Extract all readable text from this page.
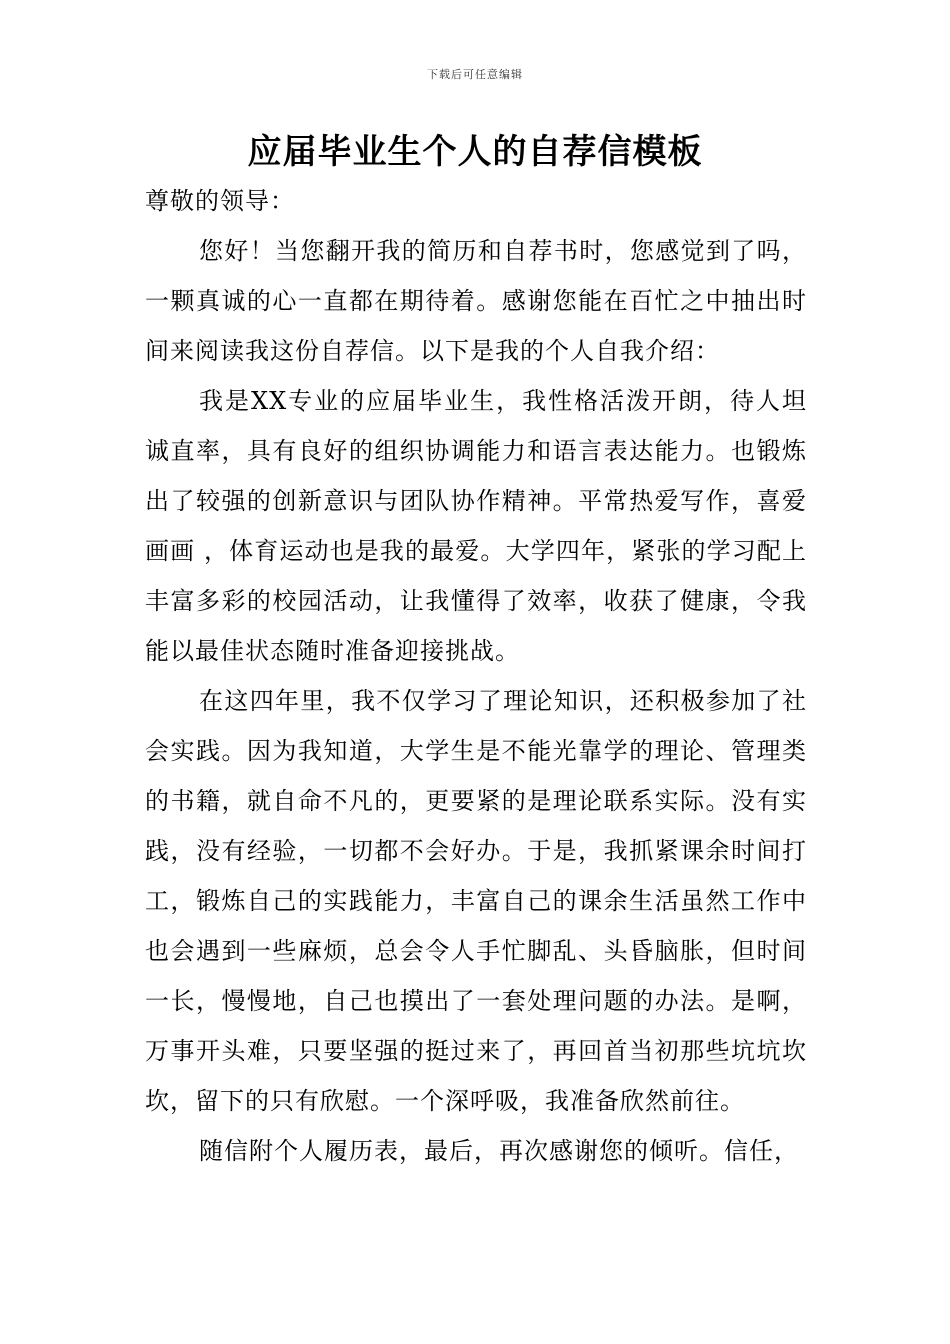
下载后可任意编辑
应届毕业生个人的自荐信模板

尊敬的领导：

您好！当您翻开我的简历和自荐书时，您感觉到了吗，一颗真诚的心一直都在期待着。感谢您能在百忙之中抽出时间来阅读我这份自荐信。以下是我的个人自我介绍：

我是XX专业的应届毕业生，我性格活泼开朗，待人坦诚直率，具有良好的组织协调能力和语言表达能力。也锻炼出了较强的创新意识与团队协作精神。平常热爱写作，喜爱画画 ，体育运动也是我的最爱。大学四年，紧张的学习配上丰富多彩的校园活动，让我懂得了效率，收获了健康，令我能以最佳状态随时准备迎接挑战。

在这四年里，我不仅学习了理论知识，还积极参加了社会实践。因为我知道，大学生是不能光靠学的理论、管理类的书籍，就自命不凡的，更要紧的是理论联系实际。没有实践，没有经验，一切都不会好办。于是，我抓紧课余时间打工，锻炼自己的实践能力，丰富自己的课余生活虽然工作中也会遇到一些麻烦，总会令人手忙脚乱、头昏脑胀，但时间一长，慢慢地，自己也摸出了一套处理问题的办法。是啊，万事开头难，只要坚强的挺过来了，再回首当初那些坑坑坎坎，留下的只有欣慰。一个深呼吸，我准备欣然前往。

随信附个人履历表，最后，再次感谢您的倾听。信任，
